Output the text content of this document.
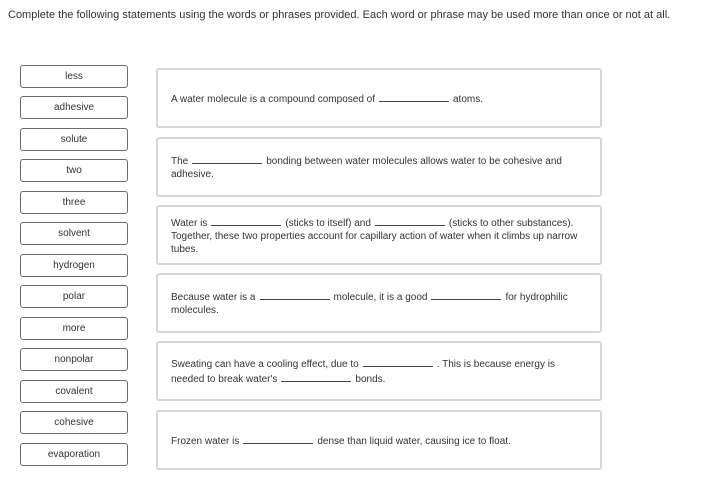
Complete the following statements using the words or phrases provided. Each word or phrase may be used more than once or not at all.
less
adhesive
solute
two
three
solvent
hydrogen
polar
more
nonpolar
covalent
cohesive
evaporation
A water molecule is a compound composed of	atoms.
The	bonding between water molecules allows water to be cohesive and adhesive.
Water is	(sticks to itself) and	(sticks to other substances). Together, these two properties account for capillary action of water when it climbs up narrow tubes.
Because water is a	molecule, it is a good	for hydrophilic molecules.
Sweating can have a cooling effect, due to	. This is because energy is needed to break water's	bonds.
Frozen water is	dense than liquid water, causing ice to float.
